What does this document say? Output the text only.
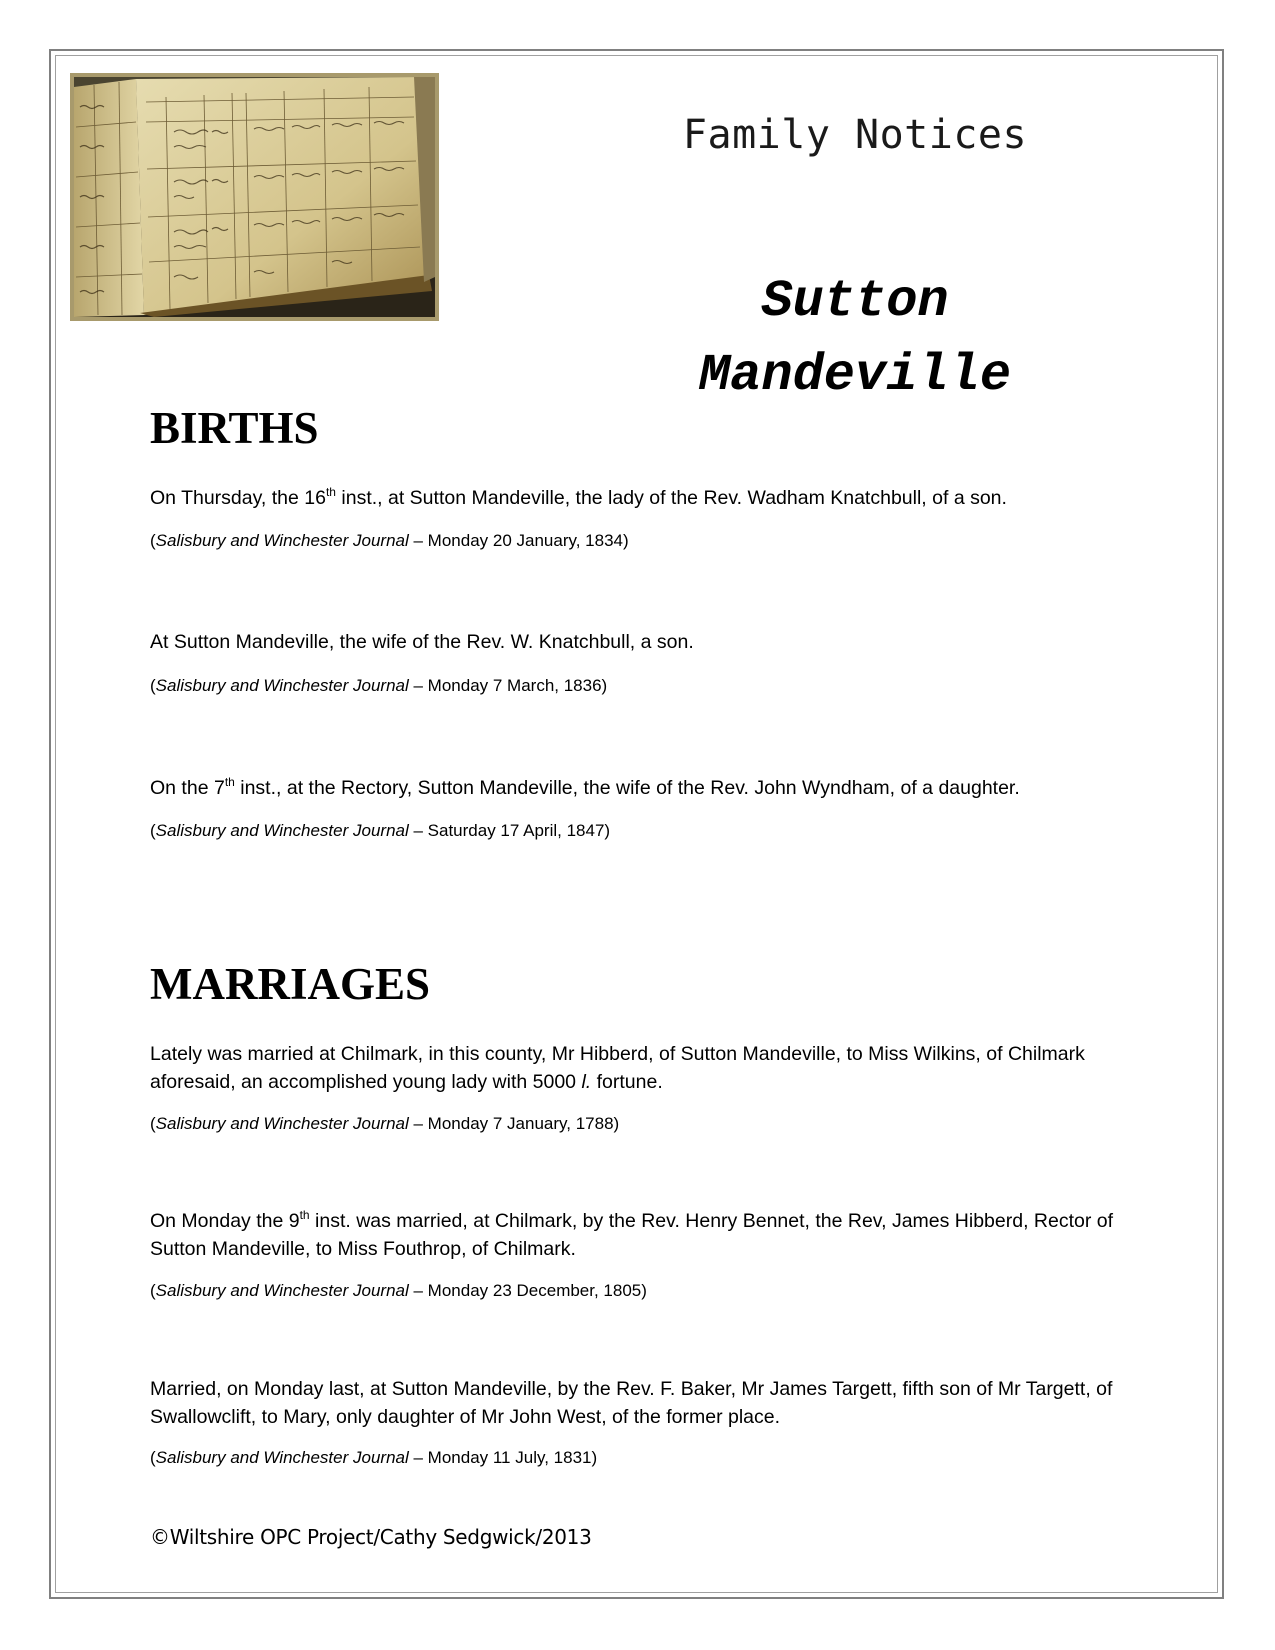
Family Notices
Sutton
Mandeville
BIRTHS
On Thursday, the 16th inst., at Sutton Mandeville, the lady of the Rev. Wadham Knatchbull, of a son.
(Salisbury and Winchester Journal – Monday 20 January, 1834)
At Sutton Mandeville, the wife of the Rev. W. Knatchbull, a son.
(Salisbury and Winchester Journal – Monday 7 March, 1836)
On the 7th inst., at the Rectory, Sutton Mandeville, the wife of the Rev. John Wyndham, of a daughter.
(Salisbury and Winchester Journal – Saturday 17 April, 1847)
MARRIAGES
Lately was married at Chilmark, in this county, Mr Hibberd, of Sutton Mandeville, to Miss Wilkins, of Chilmark aforesaid, an accomplished young lady with 5000 l. fortune.
(Salisbury and Winchester Journal – Monday 7 January, 1788)
On Monday the 9th inst. was married, at Chilmark, by the Rev. Henry Bennet, the Rev, James Hibberd, Rector of Sutton Mandeville, to Miss Fouthrop, of Chilmark.
(Salisbury and Winchester Journal – Monday 23 December, 1805)
Married, on Monday last, at Sutton Mandeville, by the Rev. F. Baker, Mr James Targett, fifth son of Mr Targett, of Swallowclift, to Mary, only daughter of Mr John West, of the former place.
(Salisbury and Winchester Journal – Monday 11 July, 1831)
©Wiltshire OPC Project/Cathy Sedgwick/2013
